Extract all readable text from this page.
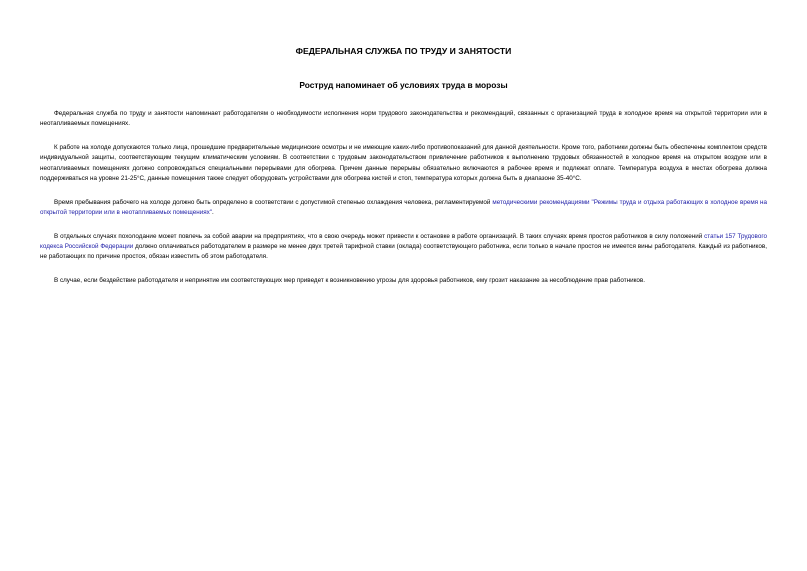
ФЕДЕРАЛЬНАЯ СЛУЖБА ПО ТРУДУ И ЗАНЯТОСТИ
Роструд напоминает об условиях труда в морозы

Федеральная служба по труду и занятости напоминает работодателям о необходимости исполнения норм трудового законодательства и рекомендаций, связанных с организацией труда в холодное время на открытой территории или в неотапливаемых помещениях.

К работе на холоде допускаются только лица, прошедшие предварительные медицинские осмотры и не имеющие каких-либо противопоказаний для данной деятельности. Кроме того, работники должны быть обеспечены комплектом средств индивидуальной защиты, соответствующим текущим климатическим условиям. В соответствии с трудовым законодательством привлечение работников к выполнению трудовых обязанностей в холодное время на открытом воздухе или в неотапливаемых помещениях должно сопровождаться специальными перерывами для обогрева. Причем данные перерывы обязательно включаются в рабочее время и подлежат оплате. Температура воздуха в местах обогрева должна поддерживаться на уровне 21-25°С, данные помещения также следует оборудовать устройствами для обогрева кистей и стоп, температура которых должна быть в диапазоне 35-40°С.

Время пребывания рабочего на холоде должно быть определено в соответствии с допустимой степенью охлаждения человека, регламентируемой методическими рекомендациями "Режимы труда и отдыха работающих в холодное время на открытой территории или в неотапливаемых помещениях".

В отдельных случаях похолодание может повлечь за собой аварии на предприятиях, что в свою очередь может привести к остановке в работе организаций. В таких случаях время простоя работников в силу положений статьи 157 Трудового кодекса Российской Федерации должно оплачиваться работодателем в размере не менее двух третей тарифной ставки (оклада) соответствующего работника, если только в начале простоя не имеется вины работодателя. Каждый из работников, не работающих по причине простоя, обязан известить об этом работодателя.

В случае, если бездействие работодателя и непринятие им соответствующих мер приведет к возникновению угрозы для здоровья работников, ему грозит наказание за несоблюдение прав работников.
